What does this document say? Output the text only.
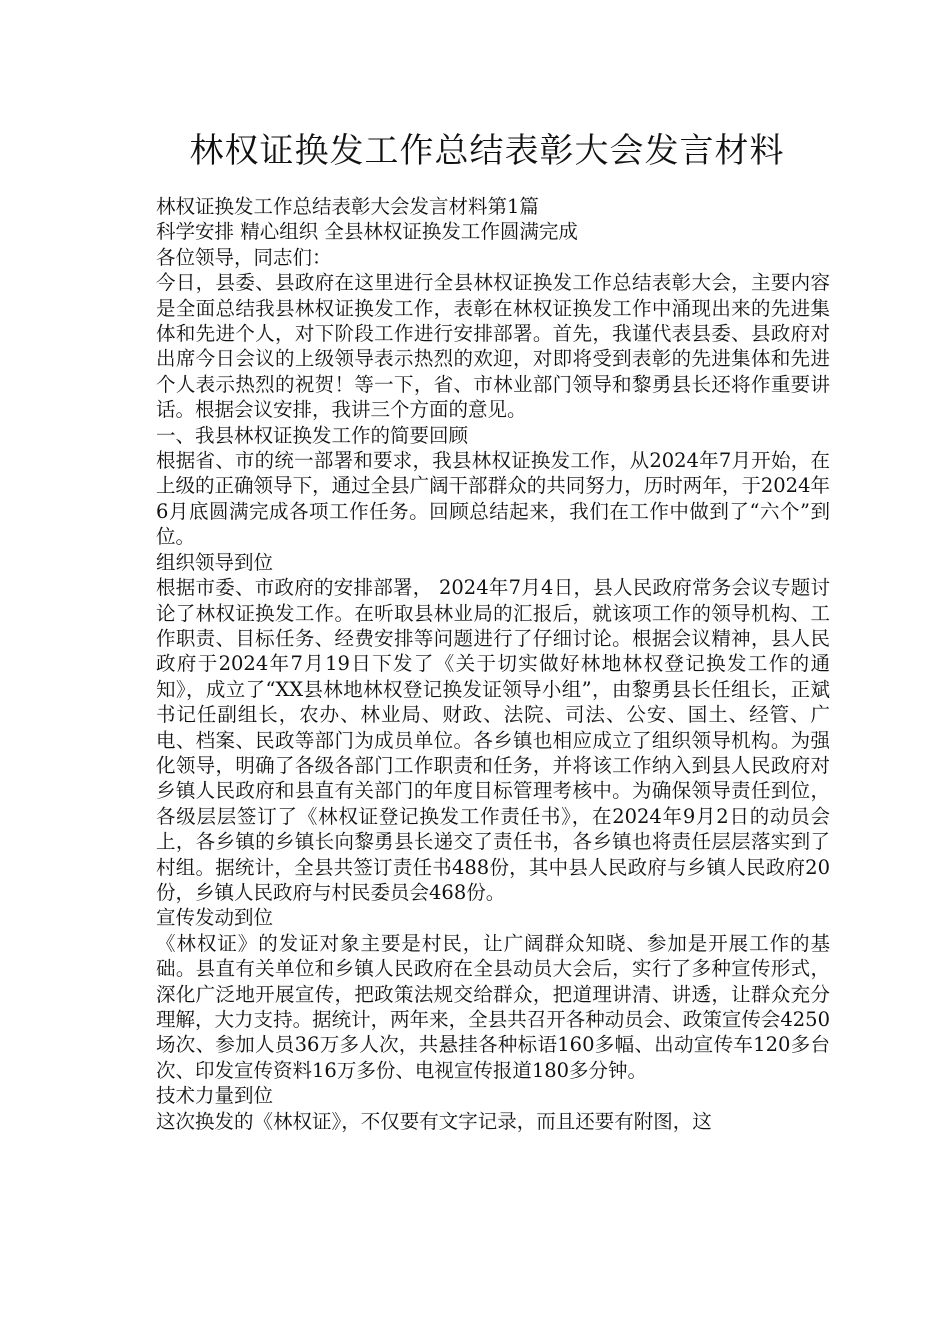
林权证换发工作总结表彰大会发言材料

林权证换发工作总结表彰大会发言材料第1篇

科学安排 精心组织 全县林权证换发工作圆满完成

各位领导，同志们：

今日，县委、县政府在这里进行全县林权证换发工作总结表彰大会，主要内容是全面总结我县林权证换发工作，表彰在林权证换发工作中涌现出来的先进集体和先进个人，对下阶段工作进行安排部署。首先，我谨代表县委、县政府对出席今日会议的上级领导表示热烈的欢迎，对即将受到表彰的先进集体和先进个人表示热烈的祝贺！等一下，省、市林业部门领导和黎勇县长还将作重要讲话。根据会议安排，我讲三个方面的意见。

一、我县林权证换发工作的简要回顾

根据省、市的统一部署和要求，我县林权证换发工作，从2024年7月开始，在上级的正确领导下，通过全县广阔干部群众的共同努力，历时两年，于2024年6月底圆满完成各项工作任务。回顾总结起来，我们在工作中做到了“六个”到位。

组织领导到位

根据市委、市政府的安排部署， 2024年7月4日，县人民政府常务会议专题讨论了林权证换发工作。在听取县林业局的汇报后，就该项工作的领导机构、工作职责、目标任务、经费安排等问题进行了仔细讨论。根据会议精神，县人民政府于2024年7月19日下发了《关于切实做好林地林权登记换发工作的通知》，成立了“XX县林地林权登记换发证领导小组”，由黎勇县长任组长，正斌书记任副组长，农办、林业局、财政、法院、司法、公安、国土、经管、广电、档案、民政等部门为成员单位。各乡镇也相应成立了组织领导机构。为强化领导，明确了各级各部门工作职责和任务，并将该工作纳入到县人民政府对乡镇人民政府和县直有关部门的年度目标管理考核中。为确保领导责任到位，各级层层签订了《林权证登记换发工作责任书》，在2024年9月2日的动员会上，各乡镇的乡镇长向黎勇县长递交了责任书，各乡镇也将责任层层落实到了村组。据统计，全县共签订责任书488份，其中县人民政府与乡镇人民政府20份，乡镇人民政府与村民委员会468份。

宣传发动到位

《林权证》的发证对象主要是村民，让广阔群众知晓、参加是开展工作的基础。县直有关单位和乡镇人民政府在全县动员大会后，实行了多种宣传形式，深化广泛地开展宣传，把政策法规交给群众，把道理讲清、讲透，让群众充分理解，大力支持。据统计，两年来，全县共召开各种动员会、政策宣传会4250场次、参加人员36万多人次，共悬挂各种标语160多幅、出动宣传车120多台次、印发宣传资料16万多份、电视宣传报道180多分钟。

技术力量到位

这次换发的《林权证》，不仅要有文字记录，而且还要有附图，这
